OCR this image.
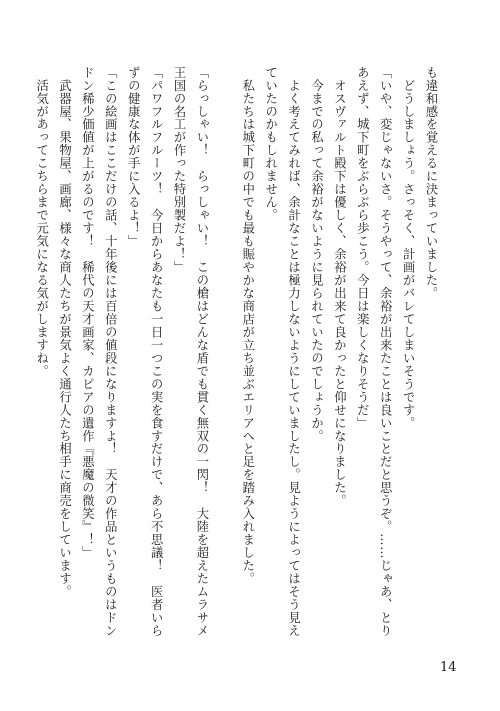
も違和感を覚えるに決まっていました。
　どうしましょう。さっそく、計画がバレてしまいそうです。
「いや、変じゃないさ。そうやって、余裕が出来たことは良いことだと思うぞ。……じゃあ、とり
あえず、城下町をぶらぶら歩こう。今日は楽しくなりそうだ」
　オスヴァルト殿下は優しく、余裕が出来て良かったと仰せになりました。
　今までの私って余裕がないように見られていたのでしょうか。
　よく考えてみれば、余計なことは極力しないようにしていましたし。見ようによってはそう見え
ていたのかもしれません。
　私たちは城下町の中でも最も賑やかな商店が立ち並ぶエリアへと足を踏み入れました。
「らっしゃい！　らっしゃい！　この槍はどんな盾でも貫く無双の一閃！　大陸を超えたムラサメ
王国の名工が作った特別製だよ！」
「パワフルフルーツ！　今日からあなたも一日一つこの実を食すだけで、あら不思議！　医者いら
ずの健康な体が手に入るよ！」
「この絵画はここだけの話、十年後には百倍の値段になりますよ！　天才の作品というものはドン
ドン稀少価値が上がるのです！　稀代の天才画家、カピアの遺作『悪魔の微笑』！」
　武器屋、果物屋、画廊、様々な商人たちが景気よく通行人たち相手に商売をしています。
　活気があってこちらまで元気になる気がしますね。
14
